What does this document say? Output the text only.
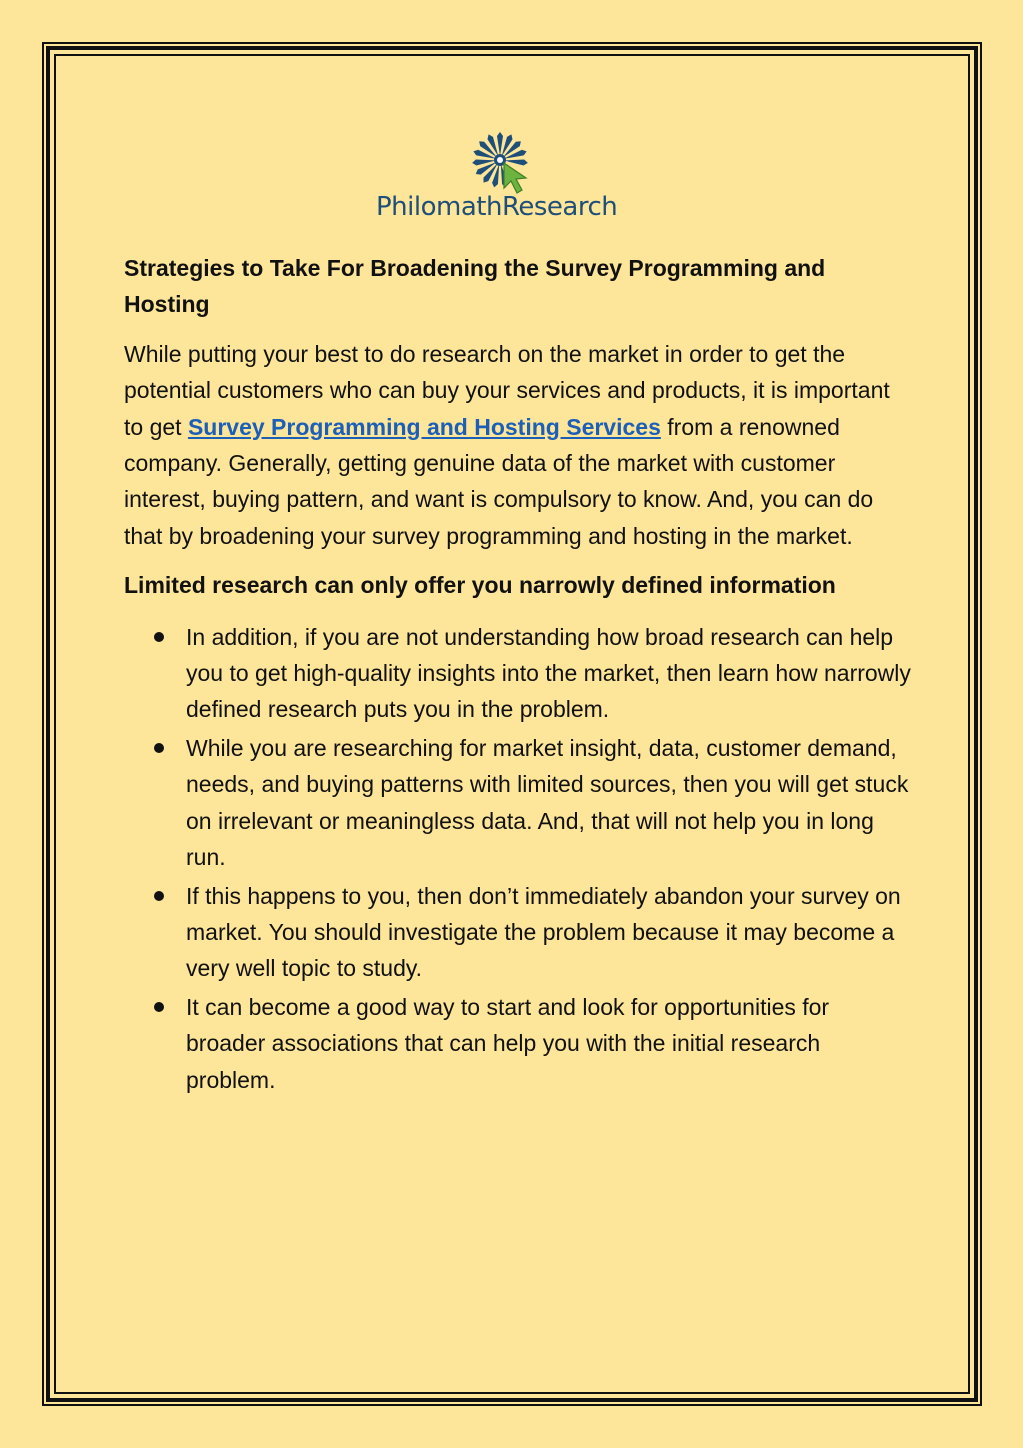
PhilomathResearch
Strategies to Take For Broadening the Survey Programming and Hosting

While putting your best to do research on the market in order to get the potential customers who can buy your services and products, it is important to get Survey Programming and Hosting Services from a renowned company. Generally, getting genuine data of the market with customer interest, buying pattern, and want is compulsory to know. And, you can do that by broadening your survey programming and hosting in the market.

Limited research can only offer you narrowly defined information

In addition, if you are not understanding how broad research can help you to get high-quality insights into the market, then learn how narrowly defined research puts you in the problem.
While you are researching for market insight, data, customer demand, needs, and buying patterns with limited sources, then you will get stuck on irrelevant or meaningless data. And, that will not help you in long run.
If this happens to you, then don’t immediately abandon your survey on market. You should investigate the problem because it may become a very well topic to study.
It can become a good way to start and look for opportunities for broader associations that can help you with the initial research problem.
